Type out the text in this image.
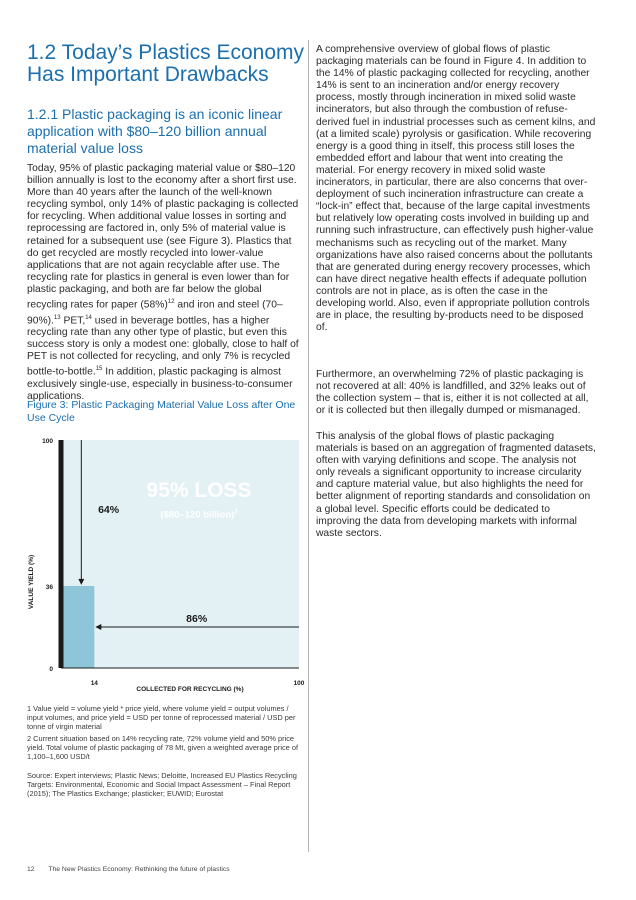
1.2 Today’s Plastics Economy Has Important Drawbacks
1.2.1 Plastic packaging is an iconic linear application with $80–120 billion annual material value loss

Today, 95% of plastic packaging material value or $80–120 billion annually is lost to the economy after a short first use. More than 40 years after the launch of the well-known recycling symbol, only 14% of plastic packaging is collected for recycling. When additional value losses in sorting and reprocessing are factored in, only 5% of material value is retained for a subsequent use (see Figure 3). Plastics that do get recycled are mostly recycled into lower-value applications that are not again recyclable after use. The recycling rate for plastics in general is even lower than for plastic packaging, and both are far below the global recycling rates for paper $(58\%)^{12}$ and iron and steel (70–90%).$^{13}$ PET,$^{14}$ used in beverage bottles, has a higher recycling rate than any other type of plastic, but even this success story is only a modest one: globally, close to half of PET is not collected for recycling, and only 7% is recycled bottle-to-bottle.$^{15}$ In addition, plastic packaging is almost exclusively single-use, especially in business-to-consumer applications.

Figure 3: Plastic Packaging Material Value Loss after One Use Cycle

0
36
100
14	100
VALUE YIELD (%)
COLLECTED FOR RECYCLING (%)
95% LOSS
($80–120 billion)$^2$
64%
86%

1 Value yield = volume yield * price yield, where volume yield = output volumes / input volumes, and price yield = USD per tonne of reprocessed material / USD per tonne of virgin material

2 Current situation based on 14% recycling rate, 72% volume yield and 50% price yield. Total volume of plastic packaging of 78 Mt, given a weighted average price of 1,100–1,600 USD/t

Source: Expert interviews; Plastic News; Deloitte, Increased EU Plastics Recycling Targets: Environmental, Economic and Social Impact Assessment – Final Report (2015); The Plastics Exchange; plasticker; EUWID; Eurostat

A comprehensive overview of global flows of plastic packaging materials can be found in Figure 4. In addition to the 14% of plastic packaging collected for recycling, another 14% is sent to an incineration and/or energy recovery process, mostly through incineration in mixed solid waste incinerators, but also through the combustion of refuse-derived fuel in industrial processes such as cement kilns, and (at a limited scale) pyrolysis or gasification. While recovering energy is a good thing in itself, this process still loses the embedded effort and labour that went into creating the material. For energy recovery in mixed solid waste incinerators, in particular, there are also concerns that over-deployment of such incineration infrastructure can create a “lock-in” effect that, because of the large capital investments but relatively low operating costs involved in building up and running such infrastructure, can effectively push higher-value mechanisms such as recycling out of the market. Many organizations have also raised concerns about the pollutants that are generated during energy recovery processes, which can have direct negative health effects if adequate pollution controls are not in place, as is often the case in the developing world. Also, even if appropriate pollution controls are in place, the resulting by-products need to be disposed of.

Furthermore, an overwhelming 72% of plastic packaging is not recovered at all: 40% is landfilled, and 32% leaks out of the collection system – that is, either it is not collected at all, or it is collected but then illegally dumped or mismanaged.

This analysis of the global flows of plastic packaging materials is based on an aggregation of fragmented datasets, often with varying definitions and scope. The analysis not only reveals a significant opportunity to increase circularity and capture material value, but also highlights the need for better alignment of reporting standards and consolidation on a global level. Specific efforts could be dedicated to improving the data from developing markets with informal waste sectors.

12 The New Plastics Economy: Rethinking the future of plastics
